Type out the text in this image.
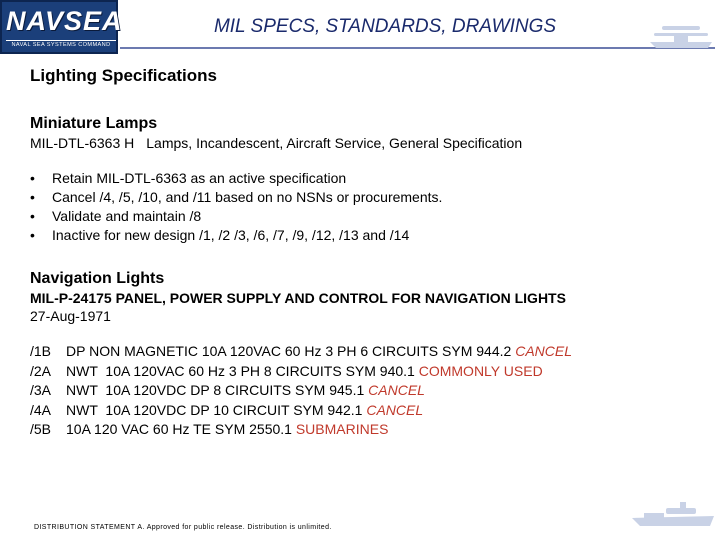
NAVSEA
NAVAL SEA SYSTEMS COMMAND
MIL SPECS, STANDARDS, DRAWINGS

Lighting Specifications

Miniature Lamps

MIL-DTL-6363 H Lamps, Incandescent, Aircraft Service, General Specification
•	Retain MIL-DTL-6363 as an active specification
•	Cancel /4, /5, /10, and /11 based on no NSNs or procurements.
•	Validate and maintain /8
•	Inactive for new design /1, /2 /3, /6, /7, /9, /12, /13 and /14

Navigation Lights

MIL-P-24175 PANEL, POWER SUPPLY AND CONTROL FOR NAVIGATION LIGHTS

27-Aug-1971

/1B	DP NON MAGNETIC 10A 120VAC 60 Hz 3 PH 6 CIRCUITS SYM 944.2 CANCEL
/2A	NWT  10A 120VAC 60 Hz 3 PH 8 CIRCUITS SYM 940.1 COMMONLY USED
/3A	NWT  10A 120VDC DP 8 CIRCUITS SYM 945.1 CANCEL
/4A	NWT  10A 120VDC DP 10 CIRCUIT SYM 942.1 CANCEL
/5B	10A 120 VAC 60 Hz TE SYM 2550.1 SUBMARINES
DISTRIBUTION STATEMENT A. Approved for public release. Distribution is unlimited.
